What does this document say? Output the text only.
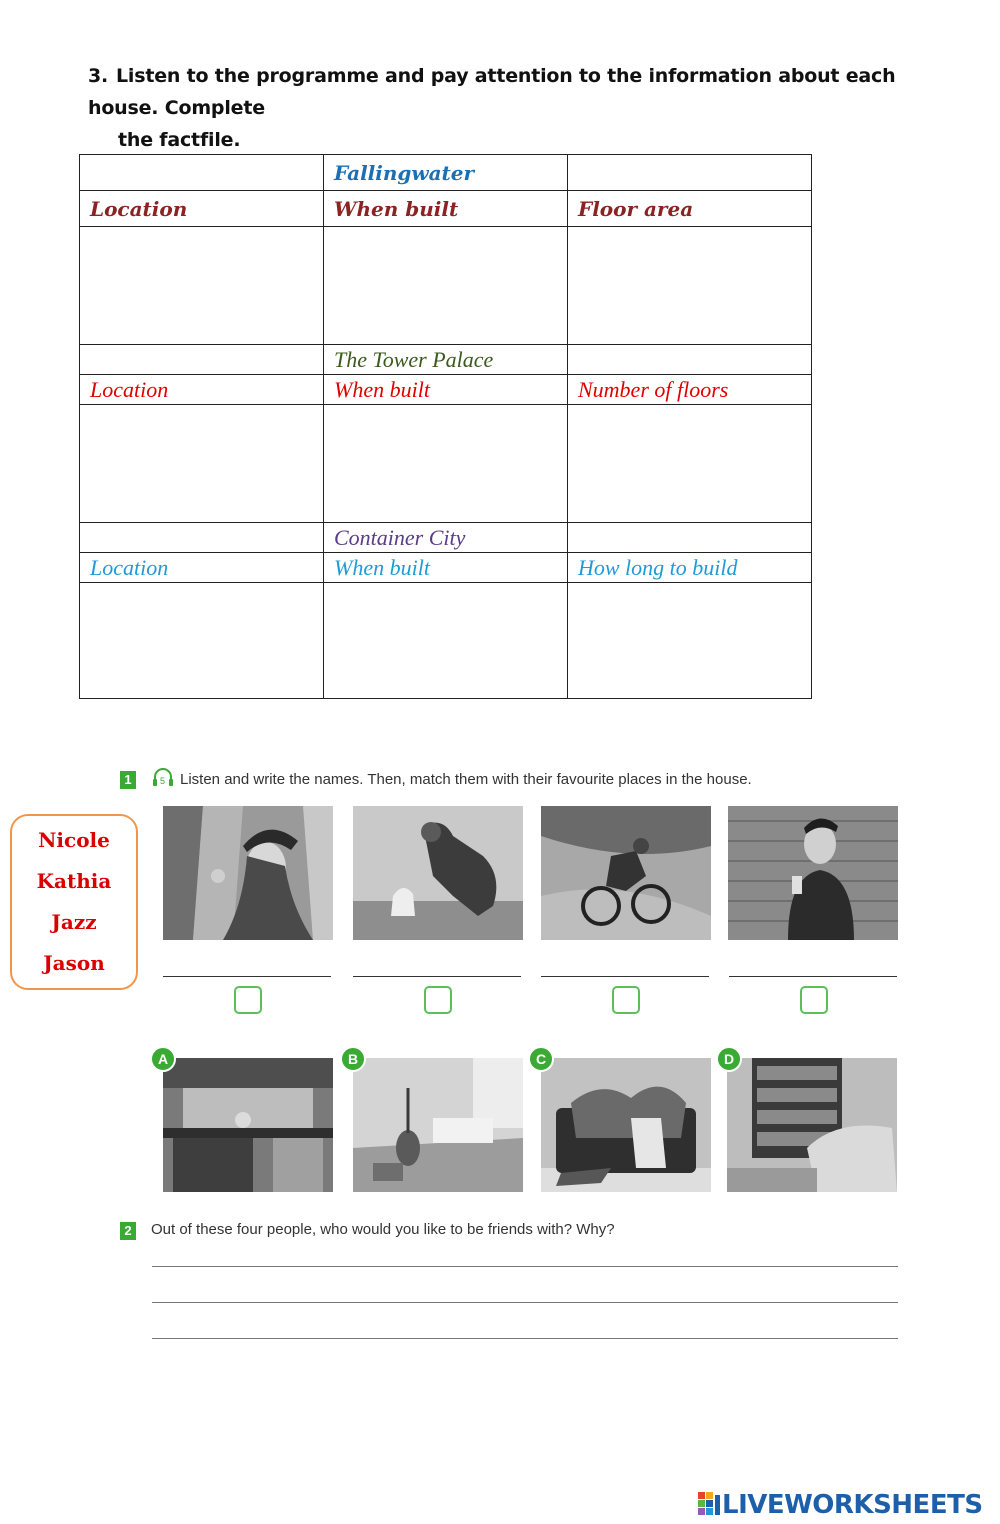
3. Listen to the programme and pay attention to the information about each house. Complete
the factfile.
	Fallingwater	
Location	When built	Floor area

	The Tower Palace	
Location	When built	Number of floors

	Container City	
Location	When built	How long to build

1	5 Listen and write the names. Then, match them with their favourite places in the house.
Nicole
Kathia
Jazz
Jason
A	B	C	D
2 Out of these four people, who would you like to be friends with? Why?
LIVEWORKSHEETS
